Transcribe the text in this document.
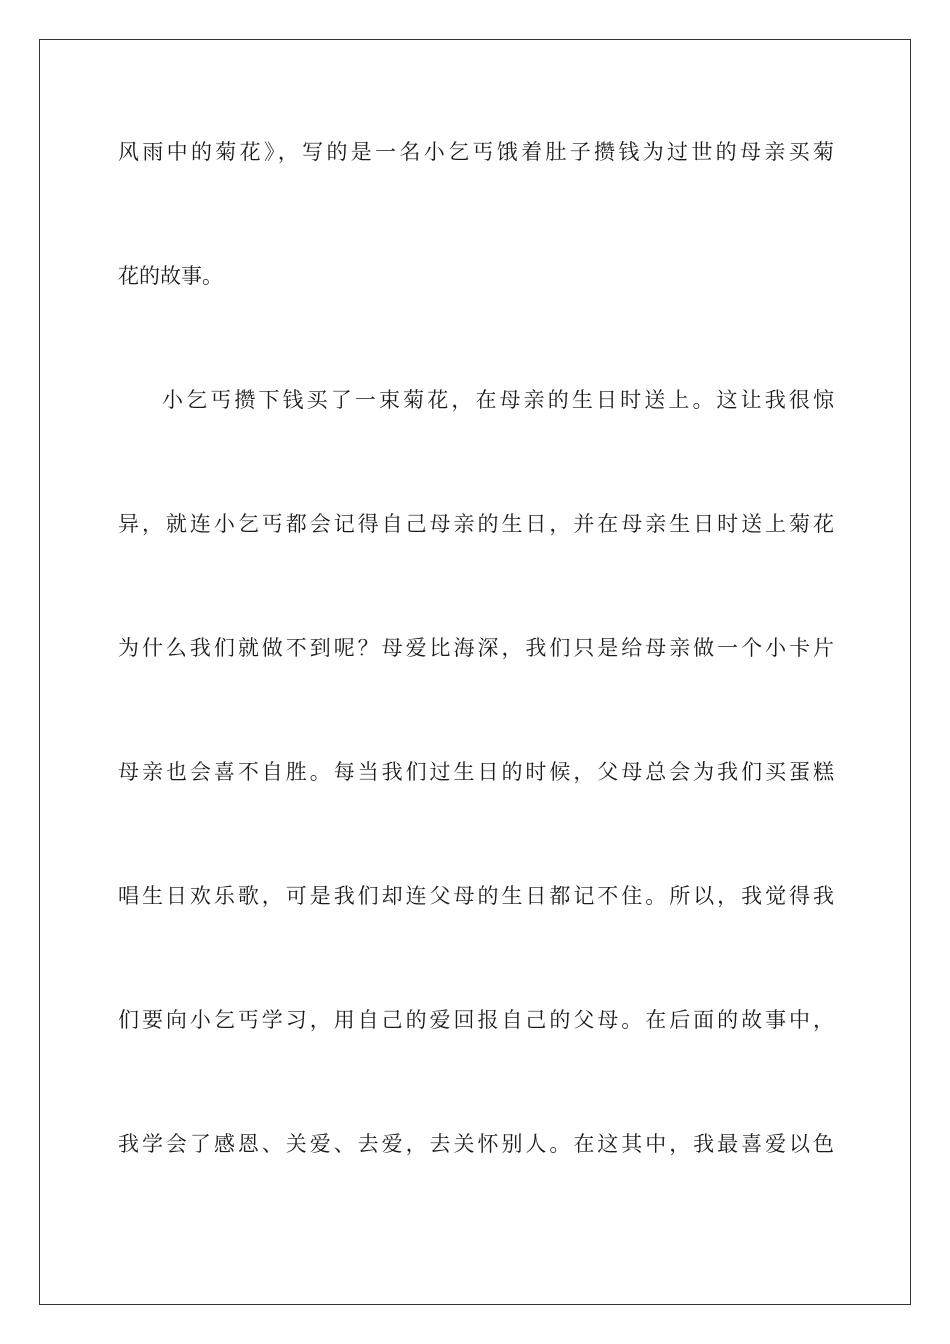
风雨中的菊花》，写的是一名小乞丐饿着肚子攒钱为过世的母亲买菊
花的故事。
小乞丐攒下钱买了一束菊花，在母亲的生日时送上。这让我很惊
异，就连小乞丐都会记得自己母亲的生日，并在母亲生日时送上菊花
为什么我们就做不到呢？母爱比海深，我们只是给母亲做一个小卡片
母亲也会喜不自胜。每当我们过生日的时候，父母总会为我们买蛋糕
唱生日欢乐歌，可是我们却连父母的生日都记不住。所以，我觉得我
们要向小乞丐学习，用自己的爱回报自己的父母。在后面的故事中，
我学会了感恩、关爱、去爱，去关怀别人。在这其中，我最喜爱以色
